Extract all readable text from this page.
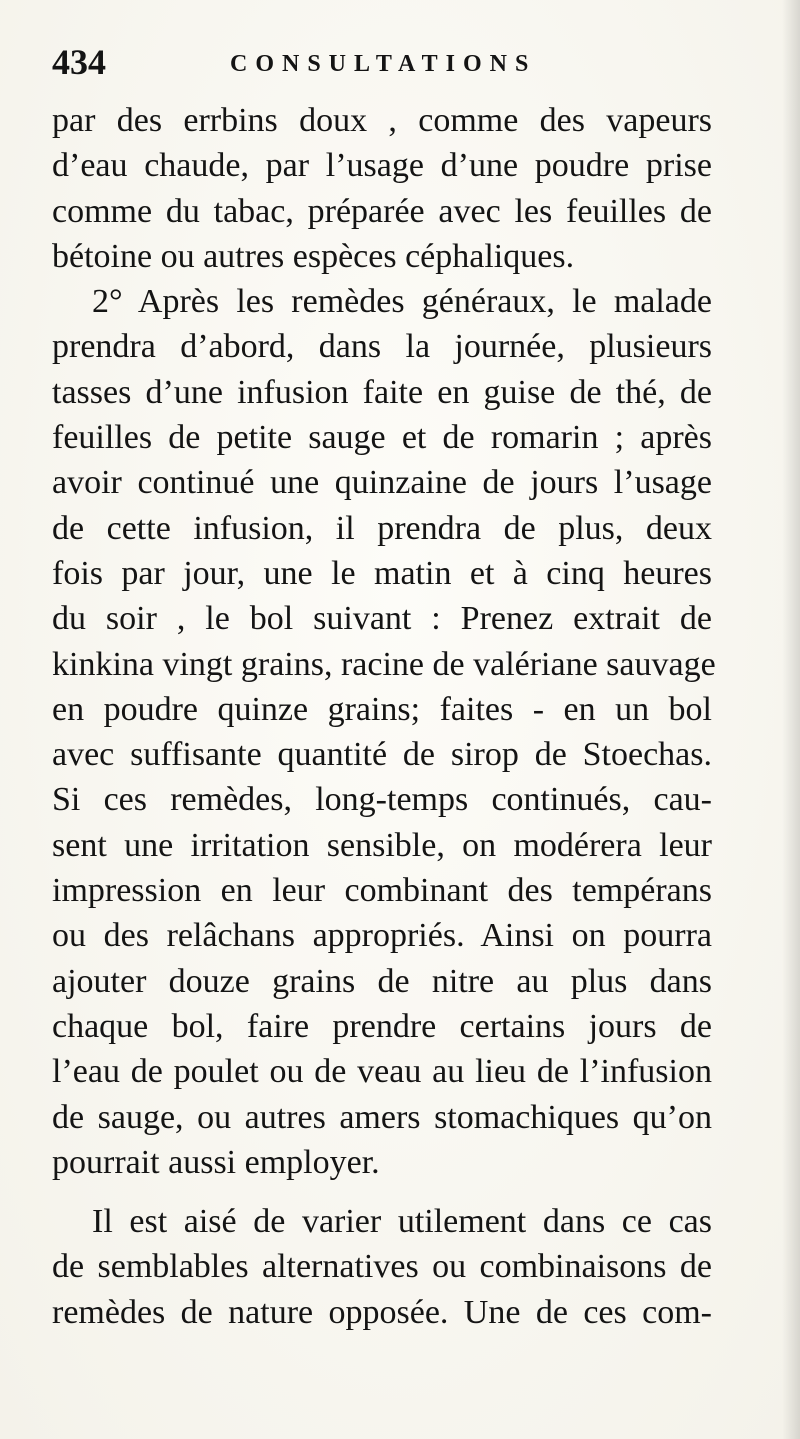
434	CONSULTATIONS
par des errbins doux , comme des vapeurs
d’eau chaude, par l’usage d’une poudre prise
comme du tabac, préparée avec les feuilles de
bétoine ou autres espèces céphaliques.
2° Après les remèdes généraux, le malade
prendra d’abord, dans la journée, plusieurs
tasses d’une infusion faite en guise de thé, de
feuilles de petite sauge et de romarin ; après
avoir continué une quinzaine de jours l’usage
de cette infusion, il prendra de plus, deux
fois par jour, une le matin et à cinq heures
du soir , le bol suivant : Prenez extrait de
kinkina vingt grains, racine de valériane sauvage
en poudre quinze grains; faites - en un bol
avec suffisante quantité de sirop de Stoechas.
Si ces remèdes, long-temps continués, cau-
sent une irritation sensible, on modérera leur
impression en leur combinant des tempérans
ou des relâchans appropriés. Ainsi on pourra
ajouter douze grains de nitre au plus dans
chaque bol, faire prendre certains jours de
l’eau de poulet ou de veau au lieu de l’infusion
de sauge, ou autres amers stomachiques qu’on
pourrait aussi employer.
Il est aisé de varier utilement dans ce cas
de semblables alternatives ou combinaisons de
remèdes de nature opposée. Une de ces com-
